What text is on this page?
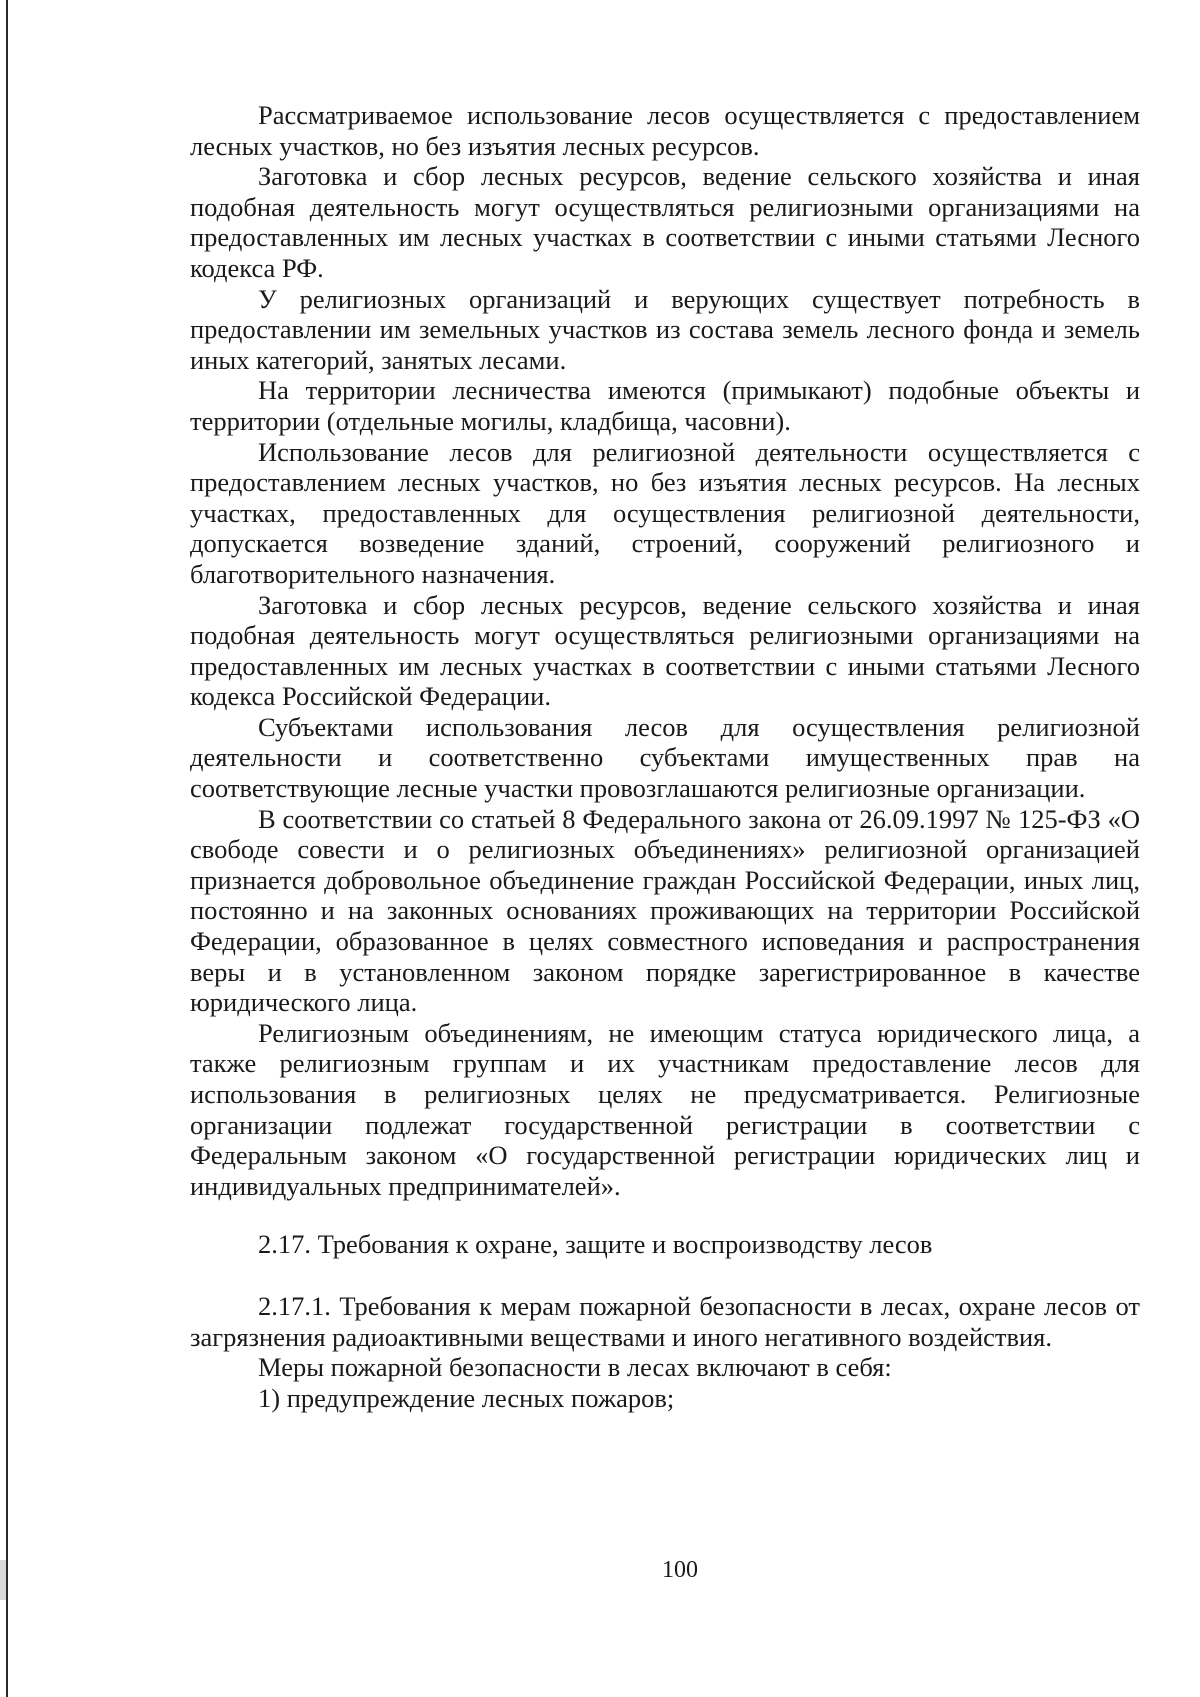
Рассматриваемое использование лесов осуществляется с предоставлением лесных участков, но без изъятия лесных ресурсов.

Заготовка и сбор лесных ресурсов, ведение сельского хозяйства и иная подобная деятельность могут осуществляться религиозными организациями на предоставленных им лесных участках в соответствии с иными статьями Лесного кодекса РФ.

У религиозных организаций и верующих существует потребность в предоставлении им земельных участков из состава земель лесного фонда и земель иных категорий, занятых лесами.

На территории лесничества имеются (примыкают) подобные объекты и территории (отдельные могилы, кладбища, часовни).

Использование лесов для религиозной деятельности осуществляется с предоставлением лесных участков, но без изъятия лесных ресурсов. На лесных участках, предоставленных для осуществления религиозной деятельности, допускается возведение зданий, строений, сооружений религиозного и благотворительного назначения.

Заготовка и сбор лесных ресурсов, ведение сельского хозяйства и иная подобная деятельность могут осуществляться религиозными организациями на предоставленных им лесных участках в соответствии с иными статьями Лесного кодекса Российской Федерации.

Субъектами использования лесов для осуществления религиозной деятельности и соответственно субъектами имущественных прав на соответствующие лесные участки провозглашаются религиозные организации.

В соответствии со статьей 8 Федерального закона от 26.09.1997 № 125-ФЗ «О свободе совести и о религиозных объединениях» религиозной организацией признается добровольное объединение граждан Российской Федерации, иных лиц, постоянно и на законных основаниях проживающих на территории Российской Федерации, образованное в целях совместного исповедания и распространения веры и в установленном законом порядке зарегистрированное в качестве юридического лица.

Религиозным объединениям, не имеющим статуса юридического лица, а также религиозным группам и их участникам предоставление лесов для использования в религиозных целях не предусматривается. Религиозные организации подлежат государственной регистрации в соответствии с Федеральным законом «О государственной регистрации юридических лиц и индивидуальных предпринимателей».

2.17. Требования к охране, защите и воспроизводству лесов

2.17.1. Требования к мерам пожарной безопасности в лесах, охране лесов от загрязнения радиоактивными веществами и иного негативного воздействия.

Меры пожарной безопасности в лесах включают в себя:

1) предупреждение лесных пожаров;

100
